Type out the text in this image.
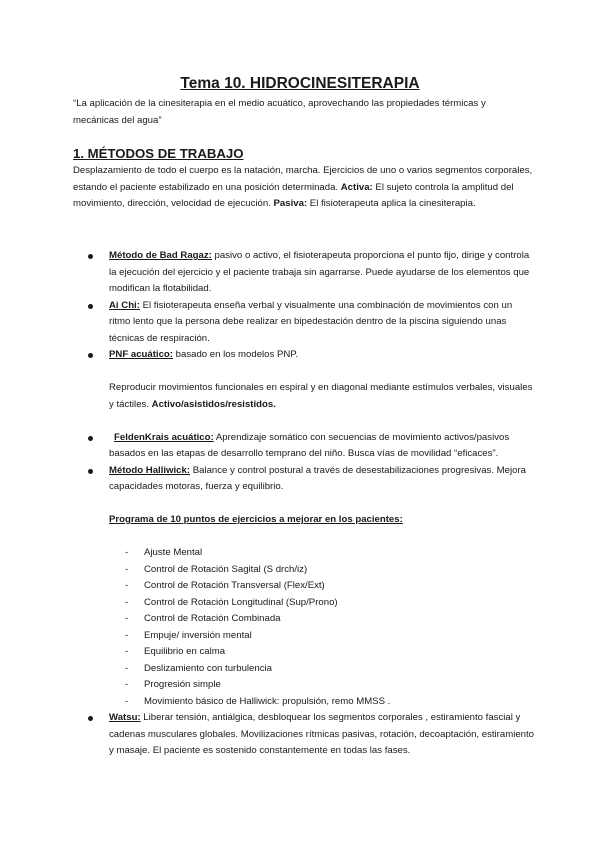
Tema 10. HIDROCINESITERAPIA
“La aplicación de la cinesiterapia en el medio acuático, aprovechando las propiedades térmicas y mecánicas del agua”
1. MÉTODOS DE TRABAJO
Desplazamiento de todo el cuerpo es la natación, marcha. Ejercicios de uno o varios segmentos corporales, estando el paciente estabilizado en una posición determinada. Activa: El sujeto controla la amplitud del movimiento, dirección, velocidad de ejecución. Pasiva: El fisioterapeuta aplica la cinesiterapia.
Método de Bad Ragaz: pasivo o activo, el fisioterapeuta proporciona el punto fijo, dirige y controla la ejecución del ejercicio y el paciente trabaja sin agarrarse. Puede ayudarse de los elementos que modifican la flotabilidad.
Ai Chi: El fisioterapeuta enseña verbal y visualmente una combinación de movimientos con un ritmo lento que la persona debe realizar en bipedestación dentro de la piscina siguiendo unas técnicas de respiración.
PNF acuático: basado en los modelos PNP.
Reproducir movimientos funcionales en espiral y en diagonal mediante estímulos verbales, visuales y táctiles. Activo/asistidos/resistidos.
FeldenKrais acuático: Aprendizaje somático con secuencias de movimiento activos/pasivos basados en las etapas de desarrollo temprano del niño. Busca vías de movilidad “eficaces”.
Método Halliwick: Balance y control postural a través de desestabilizaciones progresivas. Mejora capacidades motoras, fuerza y equilibrio.
Programa de 10 puntos de ejercicios a mejorar en los pacientes:
- Ajuste Mental
- Control de Rotación Sagital (S drch/iz)
- Control de Rotación Transversal (Flex/Ext)
- Control de Rotación Longitudinal (Sup/Prono)
- Control de Rotación Combinada
- Empuje/ inversión mental
- Equilibrio en calma
- Deslizamiento con turbulencia
- Progresión simple
- Movimiento básico de Halliwick: propulsión, remo MMSS .
Watsu: Liberar tensión, antiálgica, desbloquear los segmentos corporales , estiramiento fascial y cadenas musculares globales. Movilizaciones rítmicas pasivas, rotación, decoaptación, estiramiento y masaje. El paciente es sostenido constantemente en todas las fases.
